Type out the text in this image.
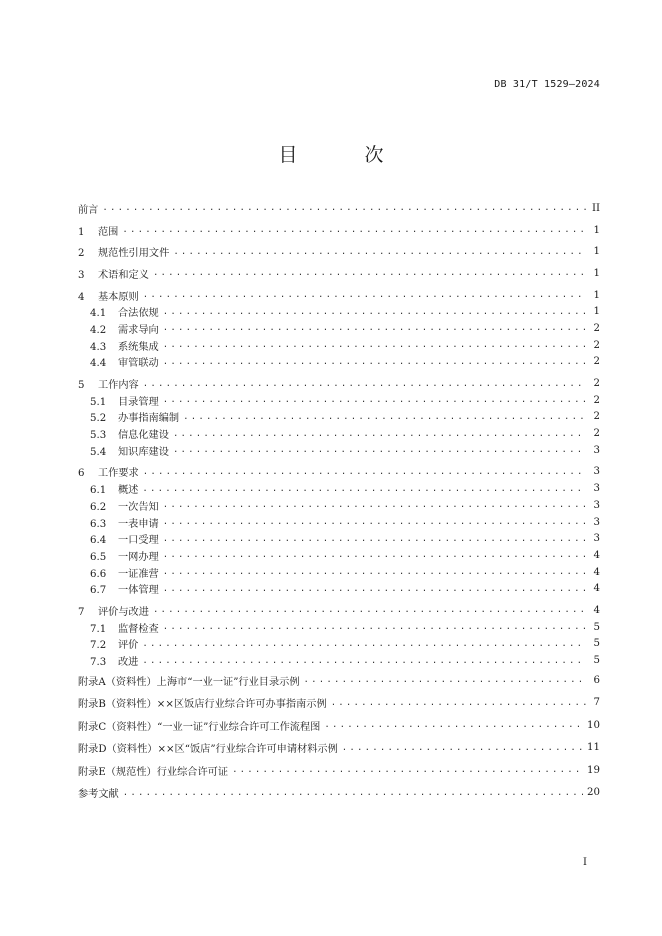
DB 31/T 1529—2024
目　次
前言 .....	II
1 范围 .....	1
2 规范性引用文件 .....	1
3 术语和定义 .....	1
4 基本原则 .....	1
4.1 合法依规 .....	1
4.2 需求导向 .....	2
4.3 系统集成 .....	2
4.4 审管联动 .....	2
5 工作内容 .....	2
5.1 目录管理 .....	2
5.2 办事指南编制 .....	2
5.3 信息化建设 .....	2
5.4 知识库建设 .....	3
6 工作要求 .....	3
6.1 概述 .....	3
6.2 一次告知 .....	3
6.3 一表申请 .....	3
6.4 一口受理 .....	3
6.5 一网办理 .....	4
6.6 一证准营 .....	4
6.7 一体管理 .....	4
7 评价与改进 .....	4
7.1 监督检查 .....	5
7.2 评价 .....	5
7.3 改进 .....	5
附录A（资料性）上海市“一业一证”行业目录示例 .....	6
附录B（资料性）××区饭店行业综合许可办事指南示例 .....	7
附录C（资料性）“一业一证”行业综合许可工作流程图 .....	10
附录D（资料性）××区“饭店”行业综合许可申请材料示例 .....	11
附录E（规范性）行业综合许可证 .....	19
参考文献 .....	20
I
